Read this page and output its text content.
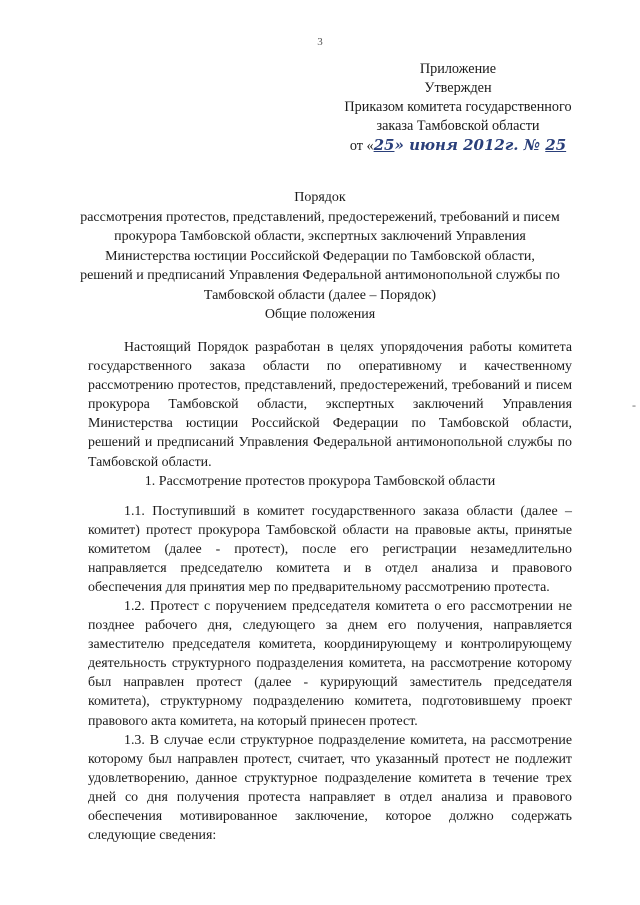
3
Приложение
Утвержден
Приказом комитета государственного
заказа Тамбовской области
от «25» июня 2012г. № 25
Порядок
рассмотрения протестов, представлений, предостережений, требований и писем
прокурора Тамбовской области, экспертных заключений Управления
Министерства юстиции Российской Федерации по Тамбовской области,
решений и предписаний Управления Федеральной антимонопольной службы по
Тамбовской области (далее – Порядок)
Общие положения
Настоящий Порядок разработан в целях упорядочения работы комитета
государственного заказа области по оперативному и качественному
рассмотрению протестов, представлений, предостережений, требований и писем
прокурора Тамбовской области, экспертных заключений Управления
Министерства юстиции Российской Федерации по Тамбовской области,
решений и предписаний Управления Федеральной антимонопольной службы по
Тамбовской области.
1. Рассмотрение протестов прокурора Тамбовской области
1.1. Поступивший в комитет государственного заказа области (далее –
комитет) протест прокурора Тамбовской области на правовые акты, принятые
комитетом (далее - протест), после его регистрации незамедлительно
направляется председателю комитета и в отдел анализа и правового
обеспечения для принятия мер по предварительному рассмотрению протеста.
1.2. Протест с поручением председателя комитета о его рассмотрении не
позднее рабочего дня, следующего за днем его получения, направляется
заместителю председателя комитета, координирующему и контролирующему
деятельность структурного подразделения комитета, на рассмотрение которому
был направлен протест (далее - курирующий заместитель председателя
комитета), структурному подразделению комитета, подготовившему проект
правового акта комитета, на который принесен протест.
1.3. В случае если структурное подразделение комитета, на рассмотрение
которому был направлен протест, считает, что указанный протест не подлежит
удовлетворению, данное структурное подразделение комитета в течение трех
дней со дня получения протеста направляет в отдел анализа и правового
обеспечения мотивированное заключение, которое должно содержать
следующие сведения:
-
